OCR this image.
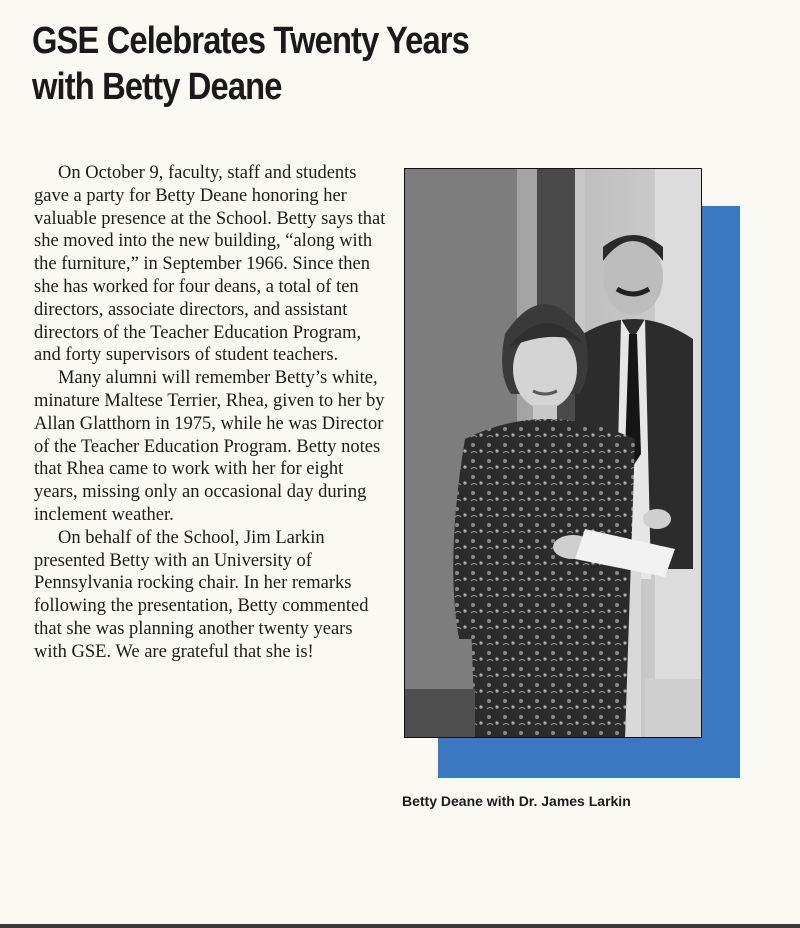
GSE Celebrates Twenty Years
with Betty Deane

On October 9, faculty, staff and students gave a party for Betty Deane honoring her valuable presence at the School. Betty says that she moved into the new building, “along with the furniture,” in September 1966. Since then she has worked for four deans, a total of ten directors, associate directors, and assistant directors of the Teacher Education Program, and forty supervisors of student teachers.

Many alumni will remember Betty’s white, minature Maltese Terrier, Rhea, given to her by Allan Glatthorn in 1975, while he was Director of the Teacher Education Program. Betty notes that Rhea came to work with her for eight years, missing only an occasional day during inclement weather.

On behalf of the School, Jim Larkin presented Betty with an University of Pennsylvania rocking chair. In her remarks following the presentation, Betty commented that she was planning another twenty years with GSE. We are grateful that she is!

Betty Deane with Dr. James Larkin
